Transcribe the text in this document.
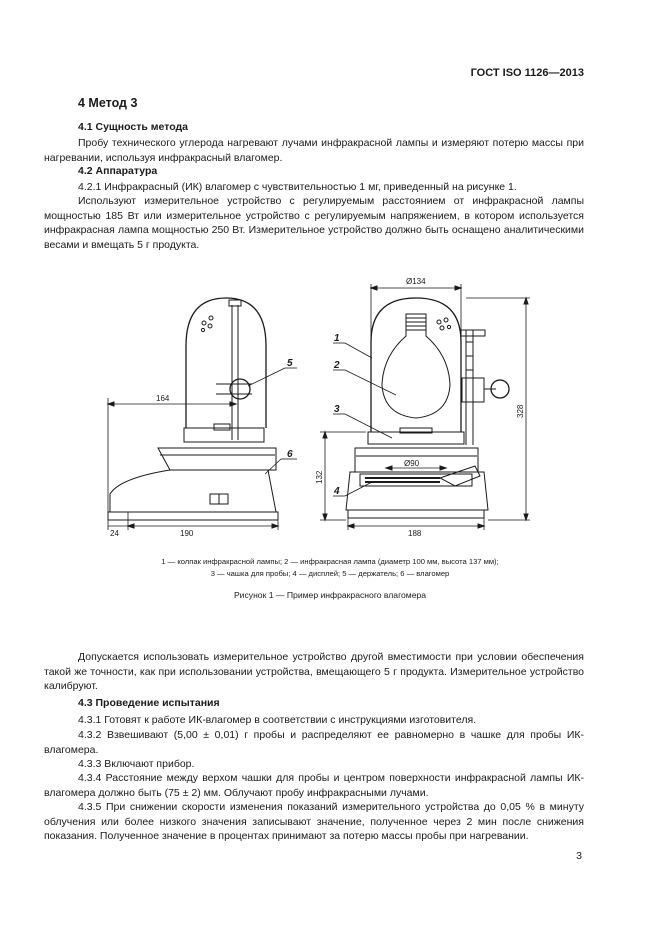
ГОСТ ISO 1126—2013
4 Метод 3
4.1 Сущность метода
Пробу технического углерода нагревают лучами инфракрасной лампы и измеряют потерю массы при нагревании, используя инфракрасный влагомер.
4.2 Аппаратура
4.2.1 Инфракрасный (ИК) влагомер с чувствительностью 1 мг, приведенный на рисунке 1.
Используют измерительное устройство с регулируемым расстоянием от инфракрасной лампы мощностью 185 Вт или измерительное устройство с регулируемым напряжением, в котором используется инфракрасная лампа мощностью 250 Вт. Измерительное устройство должно быть оснащено аналитическими весами и вмещать 5 г продукта.
Ø134
Ø90
164
24	190	188
132
328
1
2
3
4
5
6
1 — колпак инфракрасной лампы; 2 — инфракрасная лампа (диаметр 100 мм, высота 137 мм);
3 — чашка для пробы; 4 — дисплей; 5 — держатель; 6 — влагомер
Рисунок 1 — Пример инфракрасного влагомера
Допускается использовать измерительное устройство другой вместимости при условии обеспечения такой же точности, как при использовании устройства, вмещающего 5 г продукта. Измерительное устройство калибруют.
4.3 Проведение испытания
4.3.1 Готовят к работе ИК-влагомер в соответствии с инструкциями изготовителя.
4.3.2 Взвешивают (5,00 ± 0,01) г пробы и распределяют ее равномерно в чашке для пробы ИК-влагомера.
4.3.3 Включают прибор.
4.3.4 Расстояние между верхом чашки для пробы и центром поверхности инфракрасной лампы ИК-влагомера должно быть (75 ± 2) мм. Облучают пробу инфракрасными лучами.
4.3.5 При снижении скорости изменения показаний измерительного устройства до 0,05 % в минуту облучения или более низкого значения записывают значение, полученное через 2 мин после снижения показания. Полученное значение в процентах принимают за потерю массы пробы при нагревании.
3
